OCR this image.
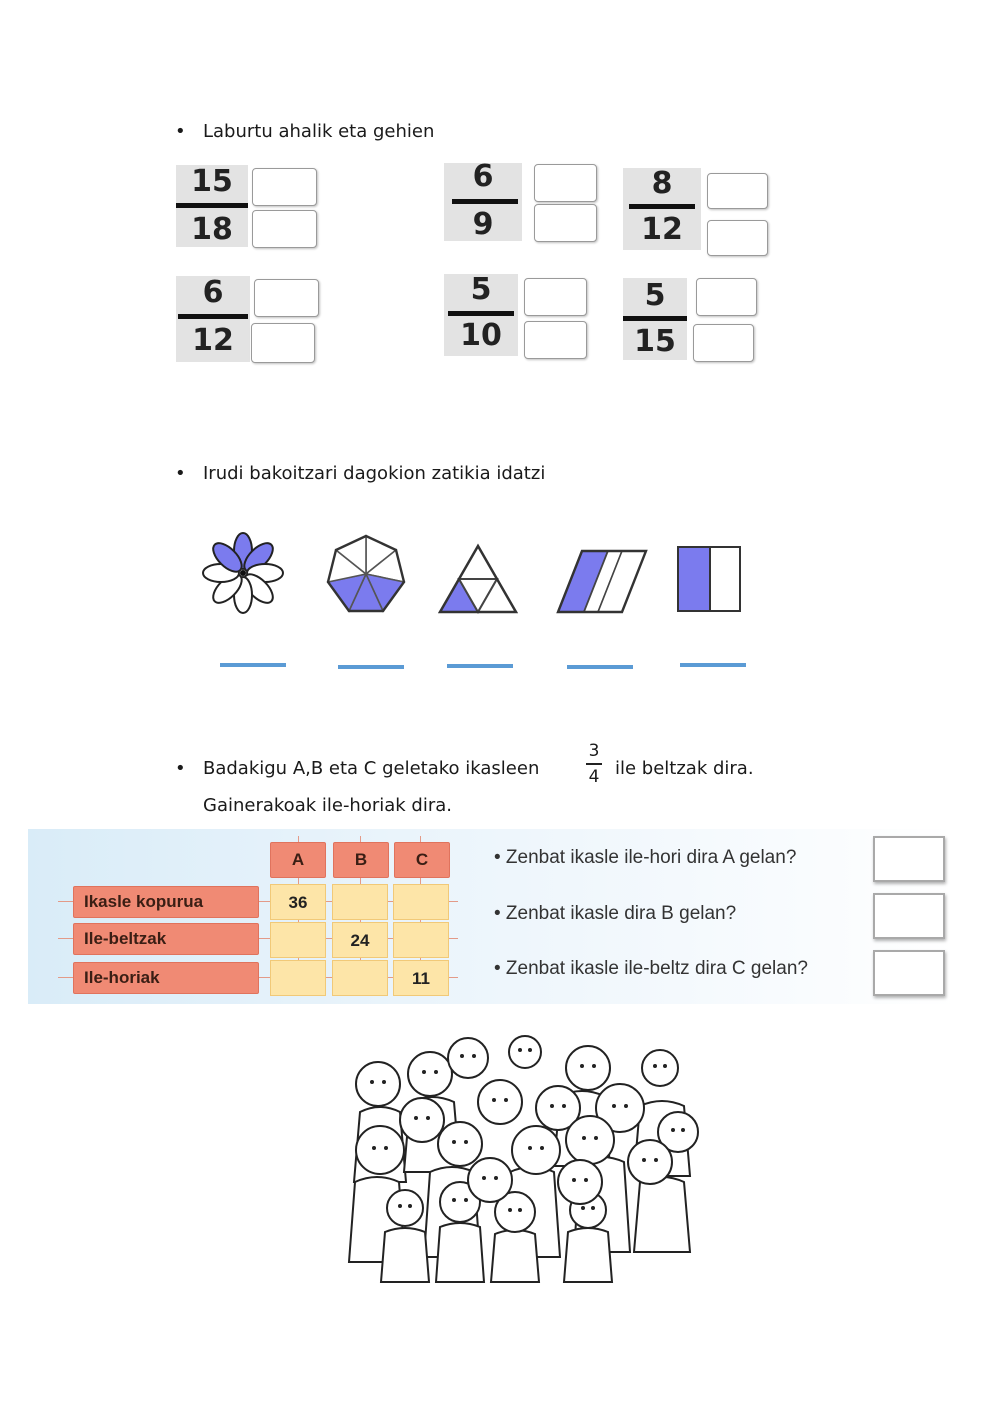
• Laburtu ahalik eta gehien
15
18
6
9
8
12
6
12
5
10
5
15
• Irudi bakoitzari dagokion zatikia idatzi
• Badakigu A,B eta C geletako ikasleen
3
4 ile beltzak dira.
Gainerakoak ile-horiak dira.
A	B	C
Ikasle kopurua
Ile-beltzak
Ile-horiak
36
24
11
• Zenbat ikasle ile-hori dira A gelan?
• Zenbat ikasle dira B gelan?
• Zenbat ikasle ile-beltz dira C gelan?
